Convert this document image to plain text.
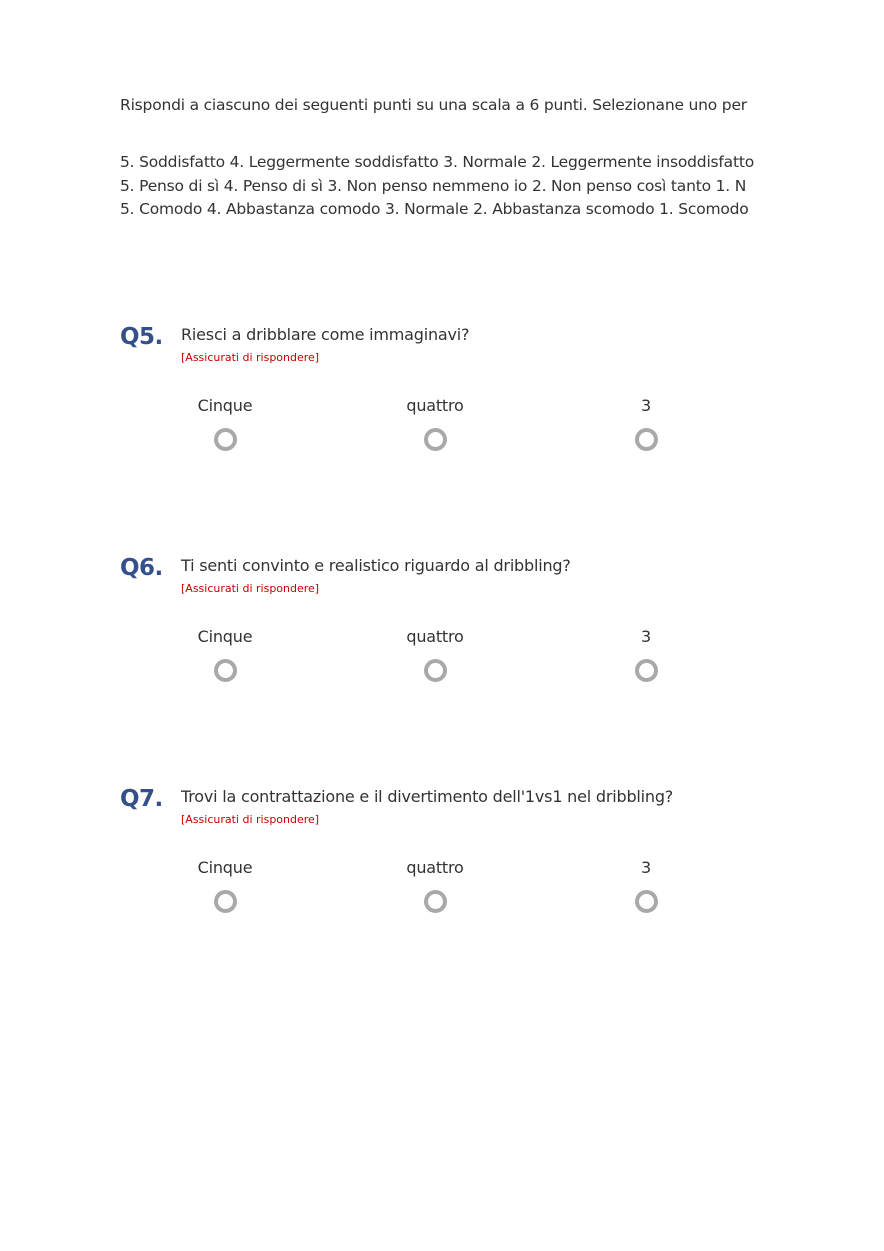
Rispondi a ciascuno dei seguenti punti su una scala a 6 punti. Selezionane uno per
5. Soddisfatto 4. Leggermente soddisfatto 3. Normale 2. Leggermente insoddisfatto
5. Penso di sì 4. Penso di sì 3. Non penso nemmeno io 2. Non penso così tanto 1. N
5. Comodo 4. Abbastanza comodo 3. Normale 2. Abbastanza scomodo 1. Scomodo
Q5. Riesci a dribblare come immaginavi?
[Assicurati di rispondere]
Cinque	quattro	3
Q6. Ti senti convinto e realistico riguardo al dribbling?
[Assicurati di rispondere]
Cinque	quattro	3
Q7. Trovi la contrattazione e il divertimento dell'1vs1 nel dribbling?
[Assicurati di rispondere]
Cinque	quattro	3
